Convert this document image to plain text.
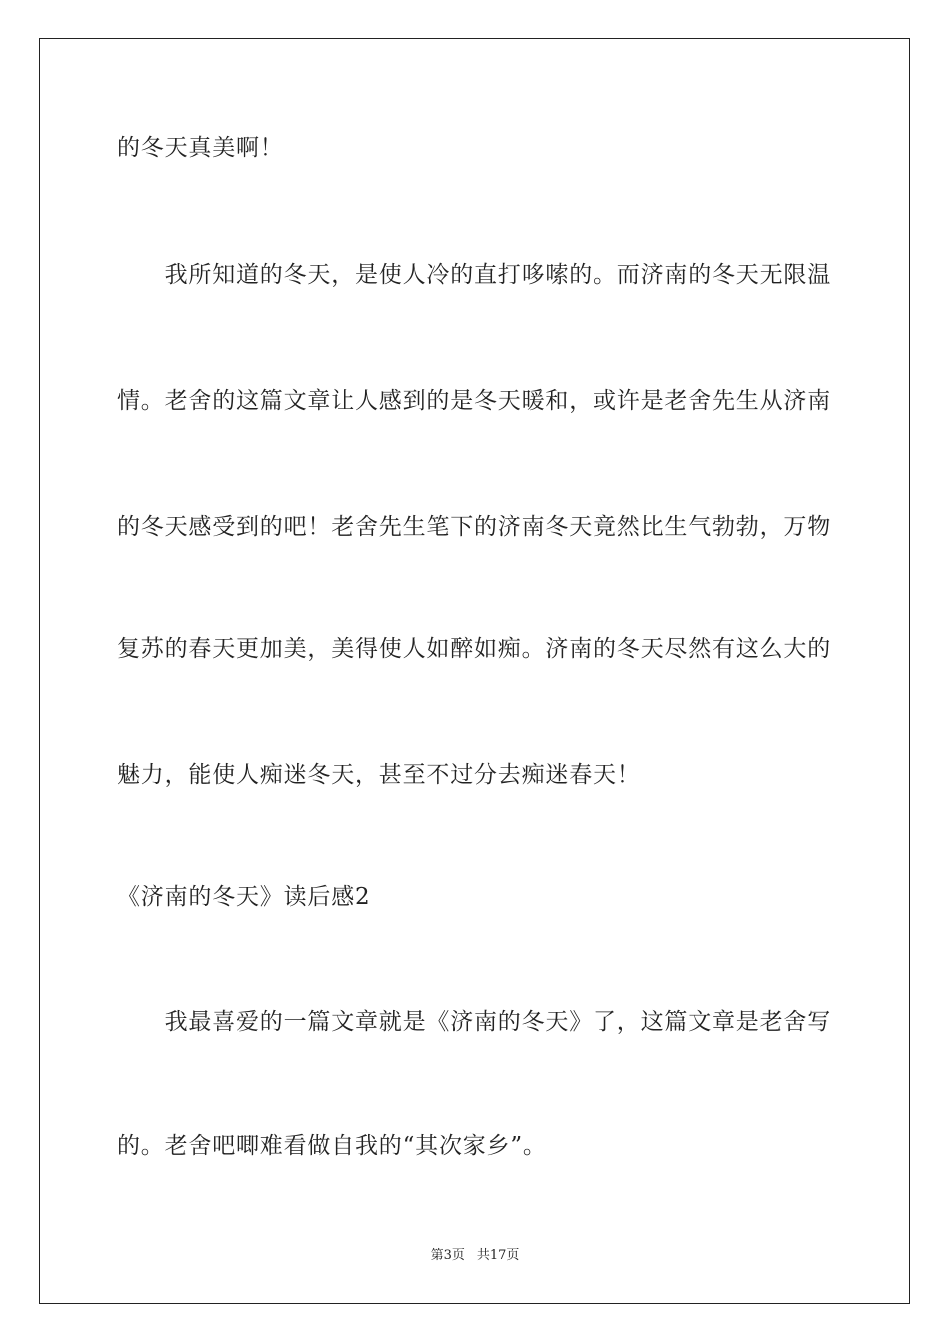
的冬天真美啊！
　　我所知道的冬天，是使人冷的直打哆嗦的。而济南的冬天无限温
情。老舍的这篇文章让人感到的是冬天暖和，或许是老舍先生从济南
的冬天感受到的吧！老舍先生笔下的济南冬天竟然比生气勃勃，万物
复苏的春天更加美，美得使人如醉如痴。济南的冬天尽然有这么大的
魅力，能使人痴迷冬天，甚至不过分去痴迷春天！
《济南的冬天》读后感2
　　我最喜爱的一篇文章就是《济南的冬天》了，这篇文章是老舍写
的。老舍吧唧难看做自我的“其次家乡”。
第3页 共17页
